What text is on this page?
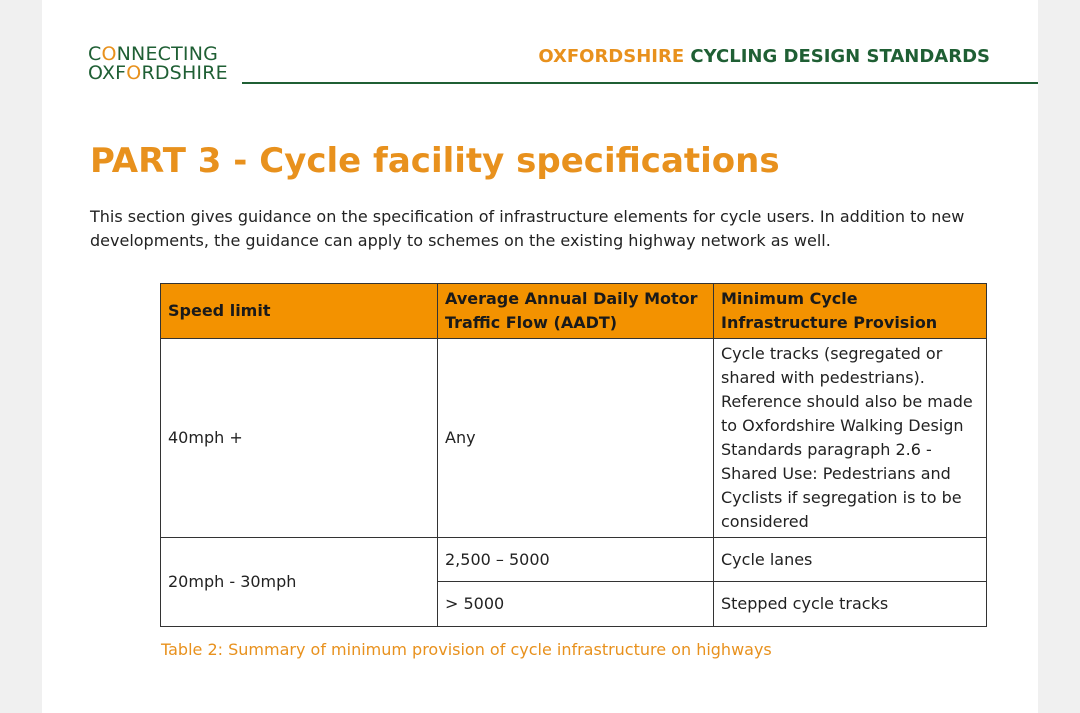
CONNECTING
OXFORDSHIRE
OXFORDSHIRE CYCLING DESIGN STANDARDS
PART 3 - Cycle facility specifications

This section gives guidance on the specification of infrastructure elements for cycle users. In addition to new developments, the guidance can apply to schemes on the existing highway network as well.

Speed limit	Average Annual Daily Motor Traffic Flow (AADT)	Minimum Cycle Infrastructure Provision
40mph +	Any	Cycle tracks (segregated or shared with pedestrians). Reference should also be made to Oxfordshire Walking Design Standards paragraph 2.6 - Shared Use: Pedestrians and Cyclists if segregation is to be considered
20mph - 30mph	2,500 – 5000	Cycle lanes
	> 5000	Stepped cycle tracks

Table 2: Summary of minimum provision of cycle infrastructure on highways
